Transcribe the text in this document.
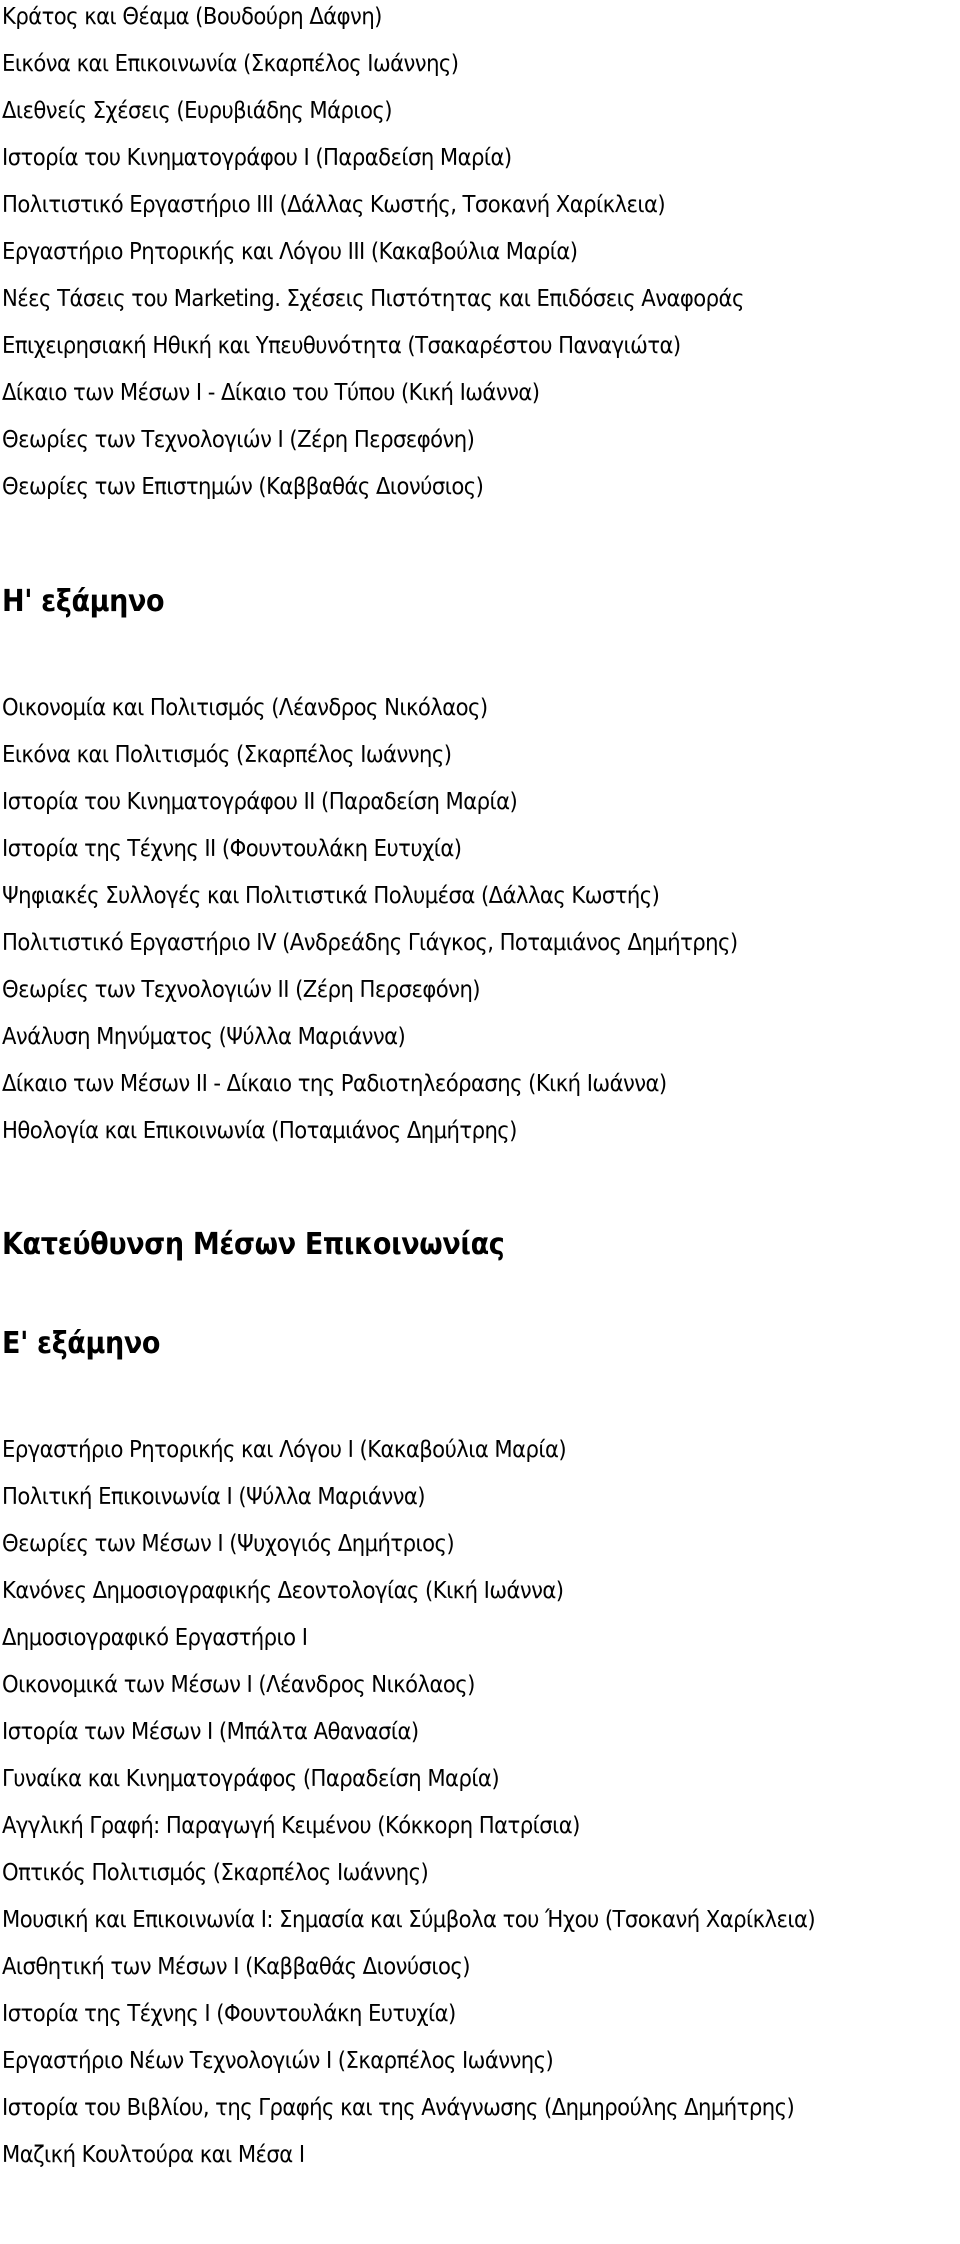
Κράτος και Θέαμα (Βουδούρη Δάφνη)
Εικόνα και Επικοινωνία (Σκαρπέλος Ιωάννης)
Διεθνείς Σχέσεις (Ευρυβιάδης Μάριος)
Ιστορία του Κινηματογράφου Ι (Παραδείση Μαρία)
Πολιτιστικό Εργαστήριο ΙΙΙ (Δάλλας Κωστής, Τσοκανή Χαρίκλεια)
Εργαστήριο Ρητορικής και Λόγου ΙΙΙ (Κακαβούλια Μαρία)
Νέες Τάσεις του Marketing. Σχέσεις Πιστότητας και Επιδόσεις Αναφοράς
Επιχειρησιακή Ηθική και Υπευθυνότητα (Τσακαρέστου Παναγιώτα)
Δίκαιο των Μέσων Ι - Δίκαιο του Τύπου (Κική Ιωάννα)
Θεωρίες των Τεχνολογιών Ι (Ζέρη Περσεφόνη)
Θεωρίες των Επιστημών (Καββαθάς Διονύσιος)
Η' εξάμηνο
Οικονομία και Πολιτισμός (Λέανδρος Νικόλαος)
Εικόνα και Πολιτισμός (Σκαρπέλος Ιωάννης)
Ιστορία του Κινηματογράφου ΙΙ (Παραδείση Μαρία)
Ιστορία της Τέχνης ΙΙ (Φουντουλάκη Ευτυχία)
Ψηφιακές Συλλογές και Πολιτιστικά Πολυμέσα (Δάλλας Κωστής)
Πολιτιστικό Εργαστήριο IV (Ανδρεάδης Γιάγκος, Ποταμιάνος Δημήτρης)
Θεωρίες των Τεχνολογιών ΙΙ (Ζέρη Περσεφόνη)
Ανάλυση Μηνύματος (Ψύλλα Μαριάννα)
Δίκαιο των Μέσων ΙΙ - Δίκαιο της Ραδιοτηλεόρασης (Κική Ιωάννα)
Ηθολογία και Επικοινωνία (Ποταμιάνος Δημήτρης)
Κατεύθυνση Μέσων Επικοινωνίας
Ε' εξάμηνο
Εργαστήριο Ρητορικής και Λόγου Ι (Κακαβούλια Μαρία)
Πολιτική Επικοινωνία Ι (Ψύλλα Μαριάννα)
Θεωρίες των Μέσων Ι (Ψυχογιός Δημήτριος)
Κανόνες Δημοσιογραφικής Δεοντολογίας (Κική Ιωάννα)
Δημοσιογραφικό Εργαστήριο Ι
Οικονομικά των Μέσων Ι (Λέανδρος Νικόλαος)
Ιστορία των Μέσων Ι (Μπάλτα Αθανασία)
Γυναίκα και Κινηματογράφος (Παραδείση Μαρία)
Αγγλική Γραφή: Παραγωγή Κειμένου (Κόκκορη Πατρίσια)
Οπτικός Πολιτισμός (Σκαρπέλος Ιωάννης)
Μουσική και Επικοινωνία Ι: Σημασία και Σύμβολα του Ήχου (Τσοκανή Χαρίκλεια)
Αισθητική των Μέσων Ι (Καββαθάς Διονύσιος)
Ιστορία της Τέχνης Ι (Φουντουλάκη Ευτυχία)
Εργαστήριο Νέων Τεχνολογιών Ι (Σκαρπέλος Ιωάννης)
Ιστορία του Βιβλίου, της Γραφής και της Ανάγνωσης (Δημηρούλης Δημήτρης)
Μαζική Κουλτούρα και Μέσα Ι
